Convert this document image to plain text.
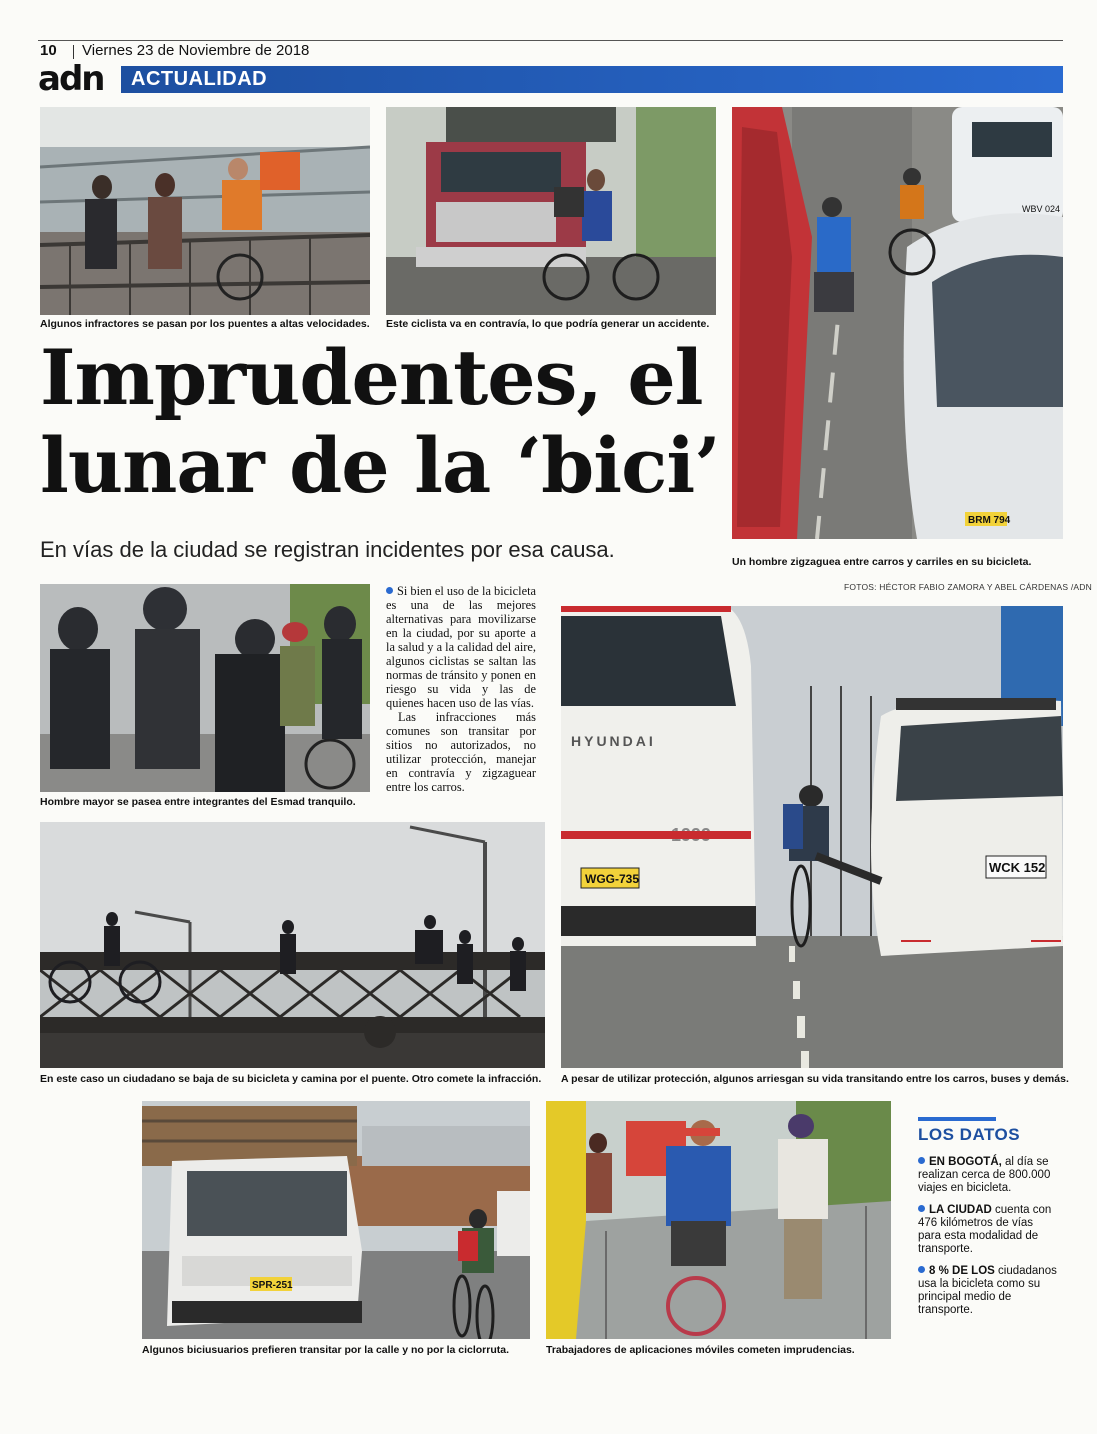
10 Viernes 23 de Noviembre de 2018
adn ACTUALIDAD
Algunos infractores se pasan por los puentes a altas velocidades. Este ciclista va en contravía, lo que podría generar un accidente.
WBV 024
BRM 794
Un hombre zigzaguea entre carros y carriles en su bicicleta.
FOTOS: HÉCTOR FABIO ZAMORA Y ABEL CÁRDENAS /ADN
Imprudentes, el
lunar de la ‘bici’
En vías de la ciudad se registran incidentes por esa causa.
Hombre mayor se pasea entre integrantes del Esmad tranquilo.

Si bien el uso de la bicicleta es una de las mejores alternativas para movilizarse en la ciudad, por su aporte a la salud y a la calidad del aire, algunos ciclistas se saltan las normas de tránsito y ponen en riesgo su vida y las de quienes hacen uso de las vías.

Las infracciones más comunes son transitar por sitios no autorizados, no utilizar protección, manejar en contravía y zigzaguear entre los carros.

En este caso un ciudadano se baja de su bicicleta y camina por el puente. Otro comete la infracción.
HYUNDAI
WGG-735
WCK 152
A pesar de utilizar protección, algunos arriesgan su vida transitando entre los carros, buses y demás.
SPR-251
Algunos biciusuarios prefieren transitar por la calle y no por la ciclorruta.	Trabajadores de aplicaciones móviles cometen imprudencias.
LOS DATOS
EN BOGOTÁ, al día se realizan cerca de 800.000 viajes en bicicleta.
LA CIUDAD cuenta con 476 kilómetros de vías para esta modalidad de transporte.
8 % DE LOS ciudadanos usa la bicicleta como su principal medio de transporte.
